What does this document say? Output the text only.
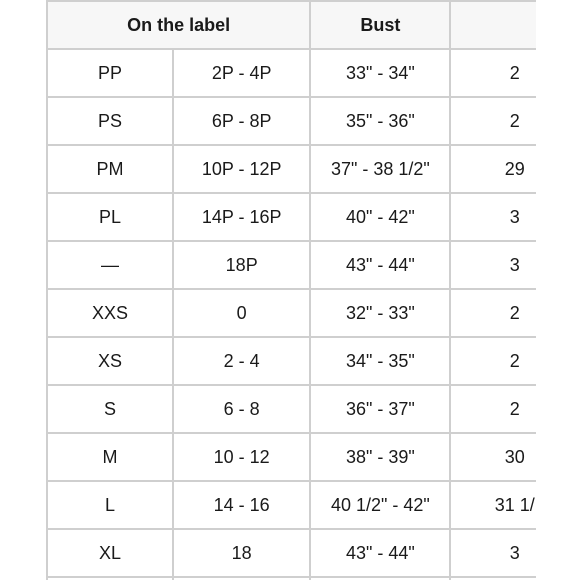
On the label		Bust	
PP	2P - 4P	33" - 34"	2
PS	6P - 8P	35" - 36"	2
PM	10P - 12P	37" - 38 1/2"	29
PL	14P - 16P	40" - 42"	3
—	18P	43" - 44"	3
XXS	0	32" - 33"	2
XS	2 - 4	34" - 35"	2
S	6 - 8	36" - 37"	2
M	10 - 12	38" - 39"	30
L	14 - 16	40 1/2" - 42"	31 1/
XL	18	43" - 44"	3
